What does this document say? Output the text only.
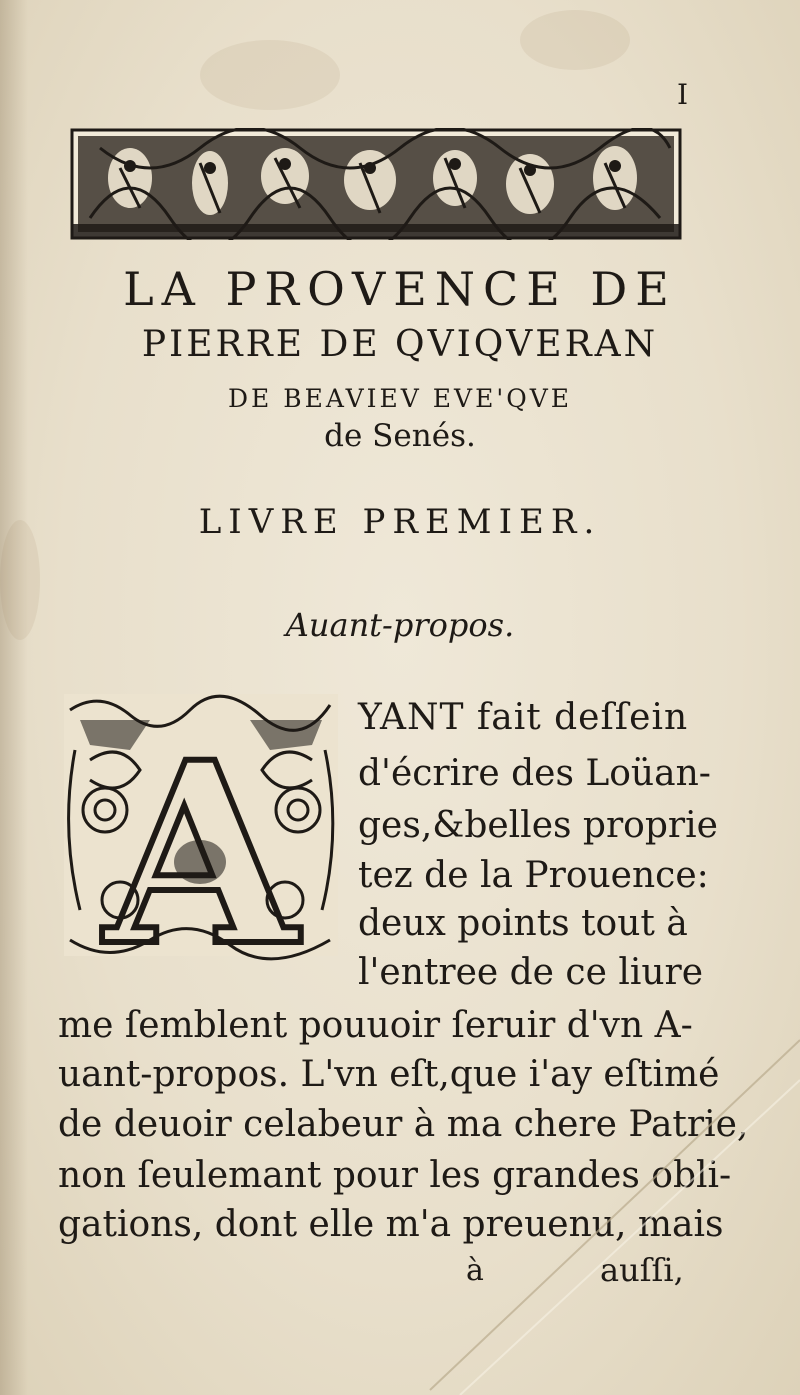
I
LA PROVENCE DE
PIERRE DE QVIQVERAN
DE BEAVIEV EVE'QVE
de Senés.
LIVRE PREMIER.
Auant-propos.
A YANT fait deſſein
d'écrire des Loüan-
ges,&belles proprie
tez de la Prouence:
deux points tout à
l'entree de ce liure
me ſemblent pouuoir ſeruir d'vn A-
uant-propos. L'vn eſt,que i'ay eſtimé
de deuoir celabeur à ma chere Patrie,
non ſeulemant pour les grandes obli-
gations, dont elle m'a preuenu, mais
à	auſſi,
